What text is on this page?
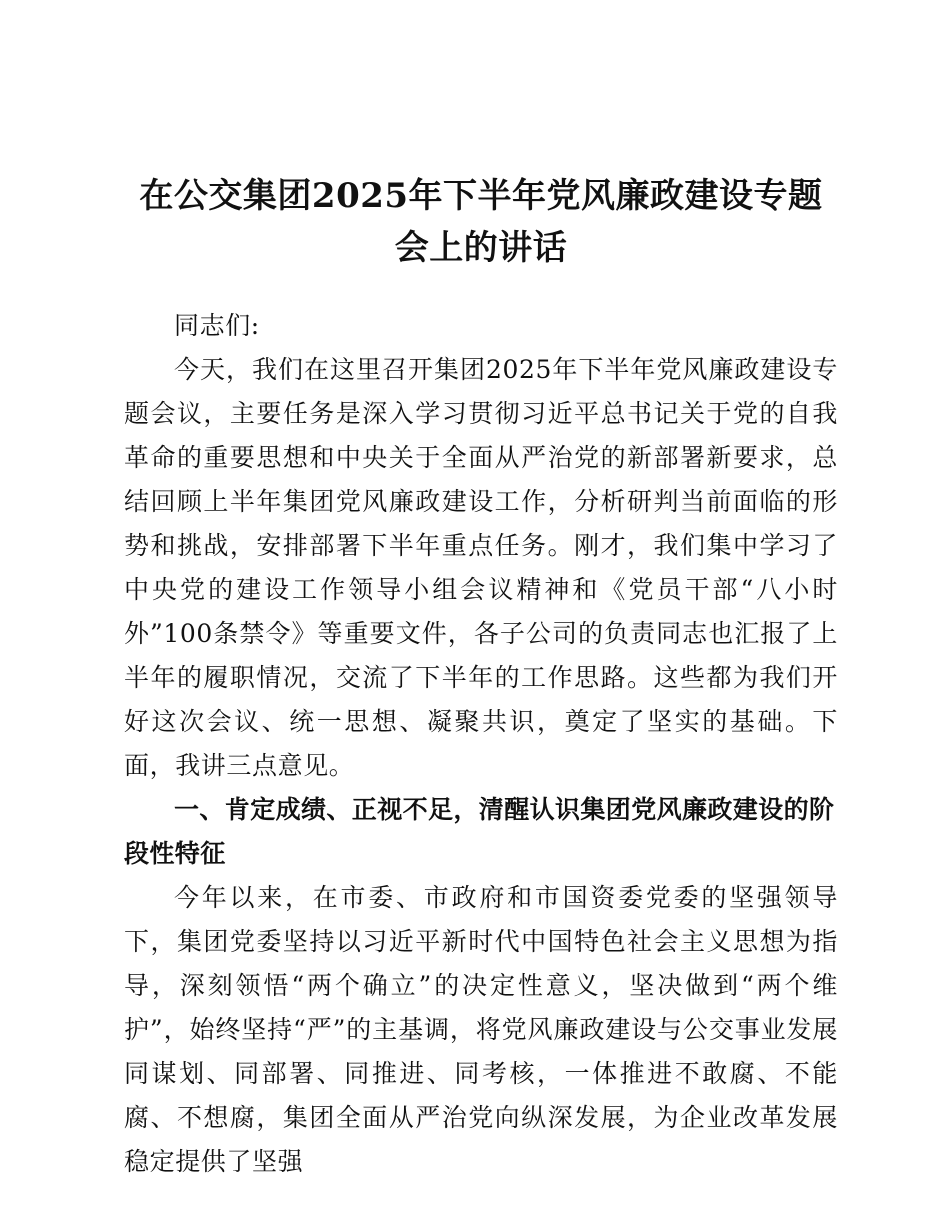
在公交集团2025年下半年党风廉政建设专题会上的讲话

同志们:

今天，我们在这里召开集团2025年下半年党风廉政建设专题会议，主要任务是深入学习贯彻习近平总书记关于党的自我革命的重要思想和中央关于全面从严治党的新部署新要求，总结回顾上半年集团党风廉政建设工作，分析研判当前面临的形势和挑战，安排部署下半年重点任务。刚才，我们集中学习了中央党的建设工作领导小组会议精神和《党员干部“八小时外”100条禁令》等重要文件，各子公司的负责同志也汇报了上半年的履职情况，交流了下半年的工作思路。这些都为我们开好这次会议、统一思想、凝聚共识，奠定了坚实的基础。下面，我讲三点意见。

一、肯定成绩、正视不足，清醒认识集团党风廉政建设的阶段性特征

今年以来，在市委、市政府和市国资委党委的坚强领导下，集团党委坚持以习近平新时代中国特色社会主义思想为指导，深刻领悟“两个确立”的决定性意义，坚决做到“两个维护”，始终坚持“严”的主基调，将党风廉政建设与公交事业发展同谋划、同部署、同推进、同考核，一体推进不敢腐、不能腐、不想腐，集团全面从严治党向纵深发展，为企业改革发展稳定提供了坚强
